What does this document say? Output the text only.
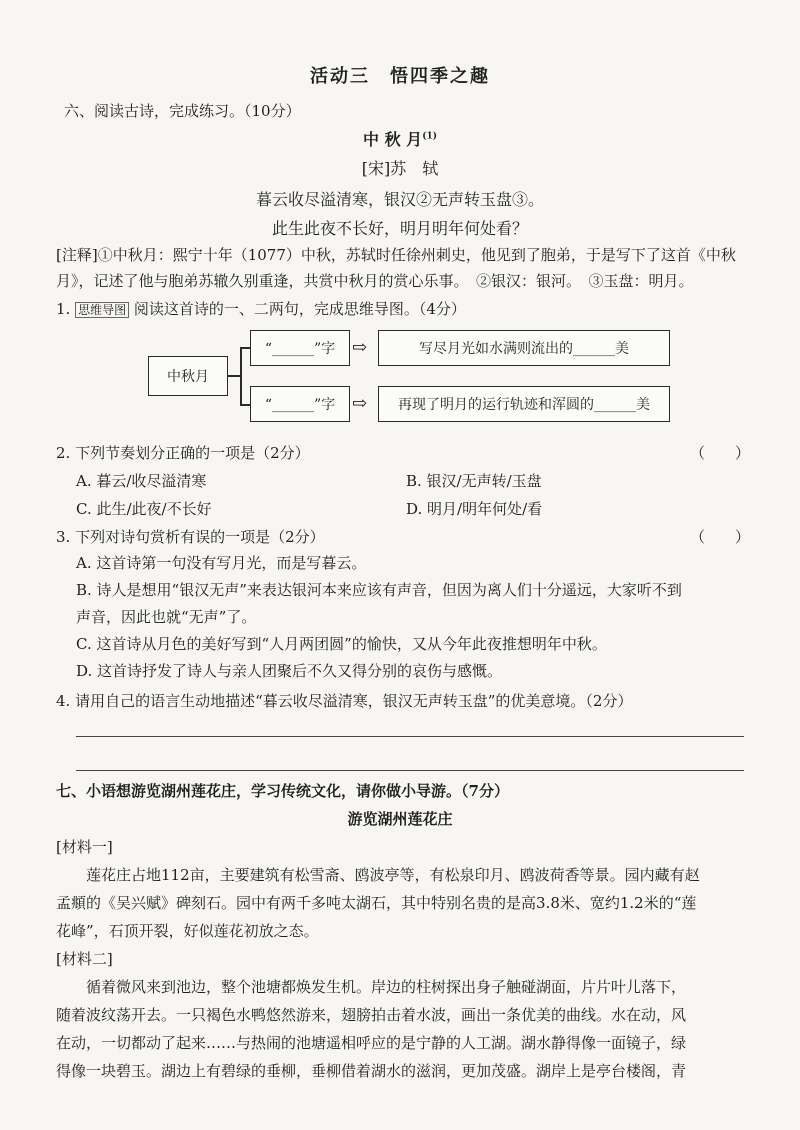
活动三　悟四季之趣
六、阅读古诗，完成练习。（10分）
中 秋 月$^{(1)}$
[宋]苏　轼
暮云收尽溢清寒，银汉②无声转玉盘③。
此生此夜不长好，明月明年何处看？
[注释]①中秋月：熙宁十年（1077）中秋，苏轼时任徐州刺史，他见到了胞弟，于是写下了这首《中秋
月》，记述了他与胞弟苏辙久别重逢，共赏中秋月的赏心乐事。　②银汉：银河。　③玉盘：明月。
1. 思维导图 阅读这首诗的一、二两句，完成思维导图。（4分）
中秋月
“______”字
“______”字
⇨
⇨
写尽月光如水满则流出的______美
再现了明月的运行轨迹和浑圆的______美
2. 下列节奏划分正确的一项是（2分）	（　　）
A. 暮云/收尽溢清寒	B. 银汉/无声转/玉盘
C. 此生/此夜/不长好	D. 明月/明年何处/看
3. 下列对诗句赏析有误的一项是（2分）	（　　）
A. 这首诗第一句没有写月光，而是写暮云。
B. 诗人是想用“银汉无声”来表达银河本来应该有声音，但因为离人们十分遥远，大家听不到
声音，因此也就“无声”了。
C. 这首诗从月色的美好写到“人月两团圆”的愉快，又从今年此夜推想明年中秋。
D. 这首诗抒发了诗人与亲人团聚后不久又得分别的哀伤与感慨。
4. 请用自己的语言生动地描述“暮云收尽溢清寒，银汉无声转玉盘”的优美意境。（2分）
七、小语想游览湖州莲花庄，学习传统文化，请你做小导游。（7分）
游览湖州莲花庄
[材料一]
莲花庄占地112亩，主要建筑有松雪斋、鸥波亭等，有松泉印月、鸥波荷香等景。园内藏有赵
孟頫的《吴兴赋》碑刻石。园中有两千多吨太湖石，其中特别名贵的是高3.8米、宽约1.2米的“莲
花峰”，石顶开裂，好似莲花初放之态。
[材料二]
循着微风来到池边，整个池塘都焕发生机。岸边的柱树探出身子触碰湖面，片片叶儿落下，
随着波纹荡开去。一只褐色水鸭悠然游来，翅膀拍击着水波，画出一条优美的曲线。水在动，风
在动，一切都动了起来……与热闹的池塘遥相呼应的是宁静的人工湖。湖水静得像一面镜子，绿
得像一块碧玉。湖边上有碧绿的垂柳，垂柳借着湖水的滋润，更加茂盛。湖岸上是亭台楼阁，青
